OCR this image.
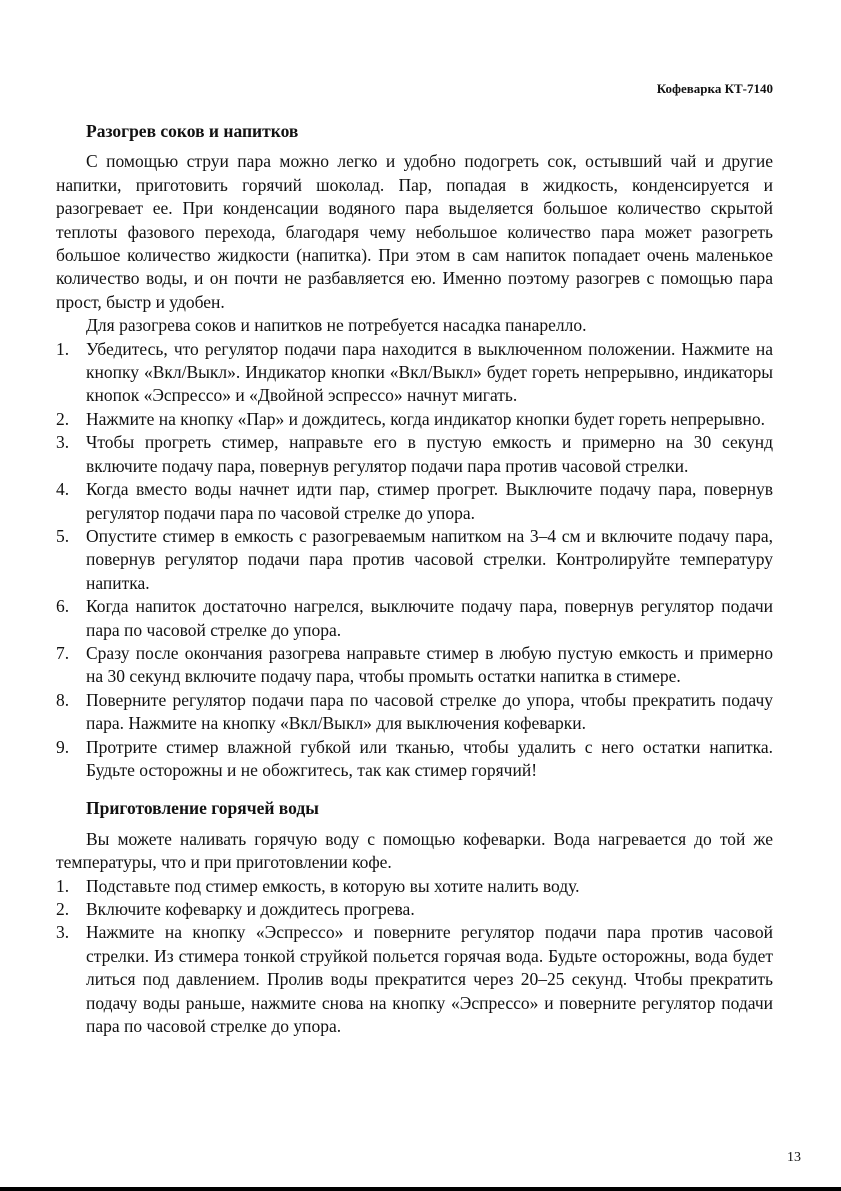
Кофеварка КТ-7140
Разогрев соков и напитков

С помощью струи пара можно легко и удобно подогреть сок, остывший чай и другие напитки, приготовить горячий шоколад. Пар, попадая в жидкость, конденсируется и разогревает ее. При конденсации водяного пара выделяется большое количество скрытой теплоты фазового перехода, благодаря чему небольшое количество пара может разогреть большое количество жидкости (напитка). При этом в сам напиток попадает очень маленькое количество воды, и он почти не разбавляется ею. Именно поэтому разогрев с помощью пара прост, быстр и удобен.

Для разогрева соков и напитков не потребуется насадка панарелло.

1. Убедитесь, что регулятор подачи пара находится в выключенном положении. Нажмите на кнопку «Вкл/Выкл». Индикатор кнопки «Вкл/Выкл» будет гореть непрерывно, индикаторы кнопок «Эспрессо» и «Двойной эспрессо» начнут мигать.
2. Нажмите на кнопку «Пар» и дождитесь, когда индикатор кнопки будет гореть непрерывно.
3. Чтобы прогреть стимер, направьте его в пустую емкость и примерно на 30 секунд включите подачу пара, повернув регулятор подачи пара против часовой стрелки.
4. Когда вместо воды начнет идти пар, стимер прогрет. Выключите подачу пара, повернув регулятор подачи пара по часовой стрелке до упора.
5. Опустите стимер в емкость с разогреваемым напитком на 3–4 см и включите подачу пара, повернув регулятор подачи пара против часовой стрелки. Контролируйте температуру напитка.
6. Когда напиток достаточно нагрелся, выключите подачу пара, повернув регулятор подачи пара по часовой стрелке до упора.
7. Сразу после окончания разогрева направьте стимер в любую пустую емкость и примерно на 30 секунд включите подачу пара, чтобы промыть остатки напитка в стимере.
8. Поверните регулятор подачи пара по часовой стрелке до упора, чтобы прекратить подачу пара. Нажмите на кнопку «Вкл/Выкл» для выключения кофеварки.
9. Протрите стимер влажной губкой или тканью, чтобы удалить с него остатки напитка. Будьте осторожны и не обожгитесь, так как стимер горячий!
Приготовление горячей воды

Вы можете наливать горячую воду с помощью кофеварки. Вода нагревается до той же температуры, что и при приготовлении кофе.

1. Подставьте под стимер емкость, в которую вы хотите налить воду.
2. Включите кофеварку и дождитесь прогрева.
3. Нажмите на кнопку «Эспрессо» и поверните регулятор подачи пара против часовой стрелки. Из стимера тонкой струйкой польется горячая вода. Будьте осторожны, вода будет литься под давлением. Пролив воды прекратится через 20–25 секунд. Чтобы прекратить подачу воды раньше, нажмите снова на кнопку «Эспрессо» и поверните регулятор подачи пара по часовой стрелке до упора.
13
